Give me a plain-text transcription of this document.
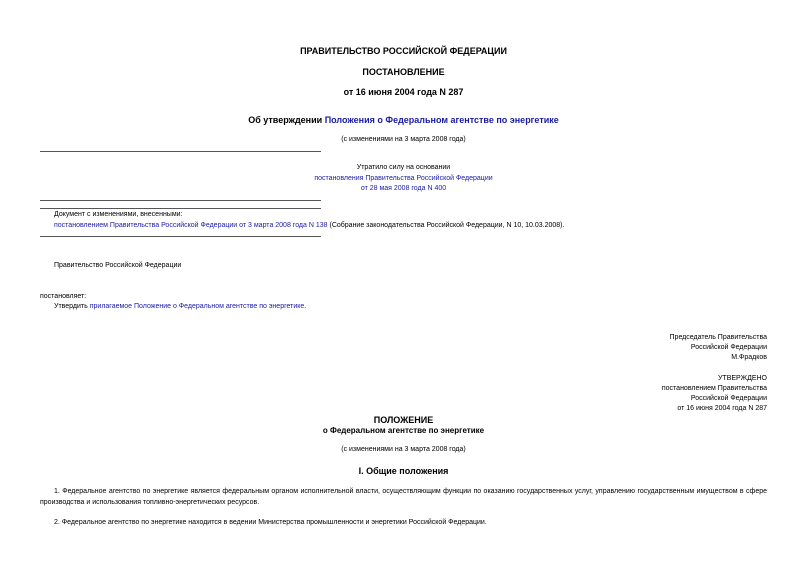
ПРАВИТЕЛЬСТВО РОССИЙСКОЙ ФЕДЕРАЦИИ
ПОСТАНОВЛЕНИЕ
от 16 июня 2004 года N 287
Об утверждении Положения о Федеральном агентстве по энергетике
(с изменениями на 3 марта 2008 года)
Утратило силу на основании
постановления Правительства Российской Федерации
от 28 мая 2008 года N 400
Документ с изменениями, внесенными:
постановлением Правительства Российской Федерации от 3 марта 2008 года N 138 (Собрание законодательства Российской Федерации, N 10, 10.03.2008).
Правительство Российской Федерации
постановляет:
Утвердить прилагаемое Положение о Федеральном агентстве по энергетике.
Председатель Правительства
Российской Федерации
М.Фрадков
УТВЕРЖДЕНО
постановлением Правительства
Российской Федерации
от 16 июня 2004 года N 287
ПОЛОЖЕНИЕ
о Федеральном агентстве по энергетике
(с изменениями на 3 марта 2008 года)
I. Общие положения
1. Федеральное агентство по энергетике является федеральным органом исполнительной власти, осуществляющим функции по оказанию государственных услуг, управлению государственным имуществом в сфере производства и использования топливно-энергетических ресурсов.
2. Федеральное агентство по энергетике находится в ведении Министерства промышленности и энергетики Российской Федерации.
